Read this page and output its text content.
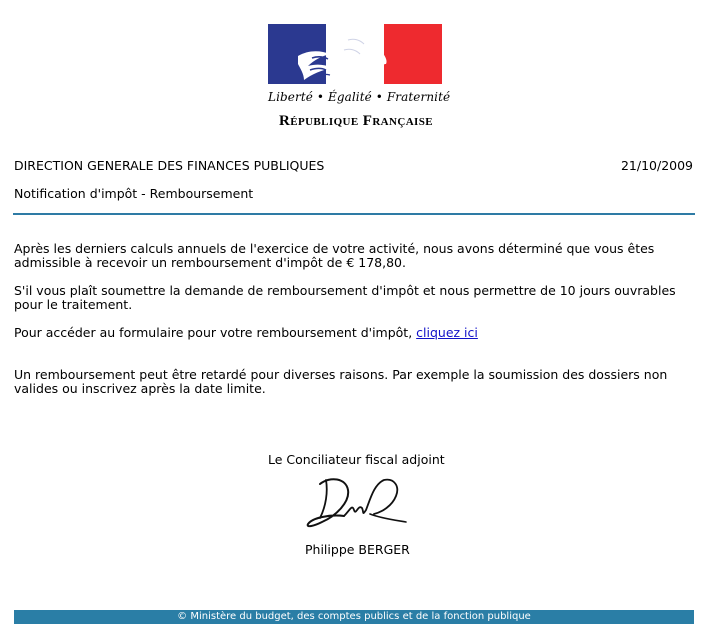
Liberté • Égalité • Fraternité
République Française
DIRECTION GENERALE DES FINANCES PUBLIQUES	21/10/2009
Notification d'impôt - Remboursement

Après les derniers calculs annuels de l'exercice de votre activité, nous avons déterminé que vous êtes admissible à recevoir un remboursement d'impôt de € 178,80.

S'il vous plaît soumettre la demande de remboursement d'impôt et nous permettre de 10 jours ouvrables pour le traitement.

Pour accéder au formulaire pour votre remboursement d'impôt, cliquez ici

Un remboursement peut être retardé pour diverses raisons. Par exemple la soumission des dossiers non valides ou inscrivez après la date limite.

Le Conciliateur fiscal adjoint
Philippe BERGER
© Ministère du budget, des comptes publics et de la fonction publique
